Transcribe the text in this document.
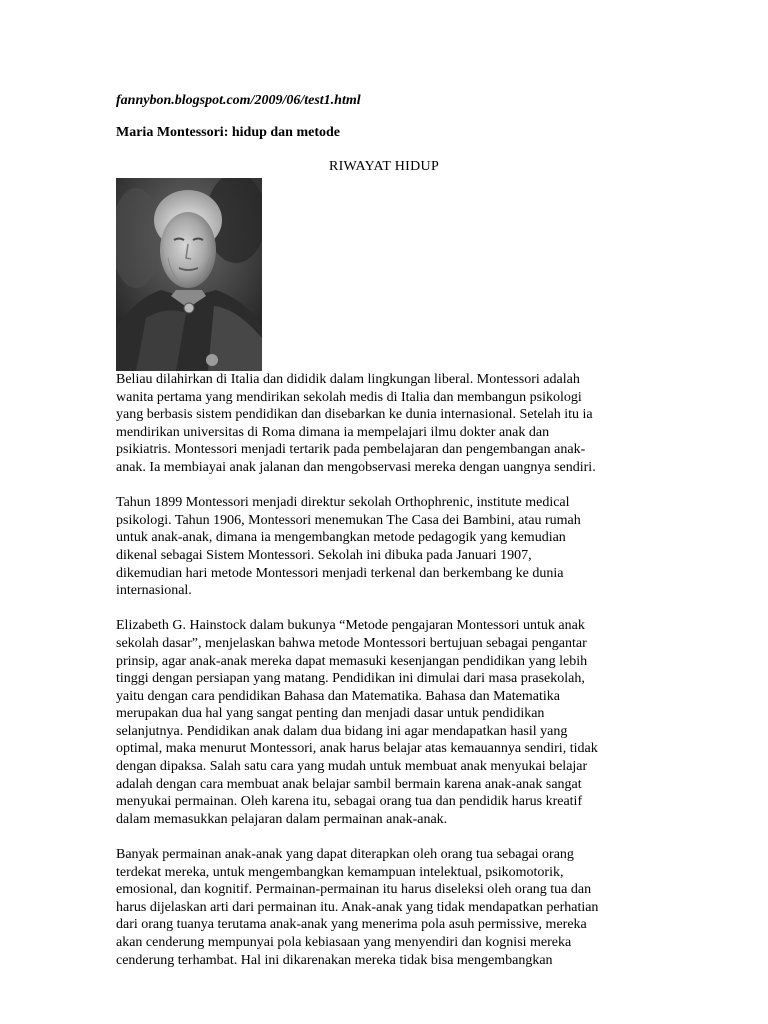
fannybon.blogspot.com/2009/06/test1.html
Maria Montessori: hidup dan metode
RIWAYAT HIDUP
Beliau dilahirkan di Italia dan dididik dalam lingkungan liberal. Montessori adalah
wanita pertama yang mendirikan sekolah medis di Italia dan membangun psikologi
yang berbasis sistem pendidikan dan disebarkan ke dunia internasional. Setelah itu ia
mendirikan universitas di Roma dimana ia mempelajari ilmu dokter anak dan
psikiatris. Montessori menjadi tertarik pada pembelajaran dan pengembangan anak-
anak. Ia membiayai anak jalanan dan mengobservasi mereka dengan uangnya sendiri.
Tahun 1899 Montessori menjadi direktur sekolah Orthophrenic, institute medical
psikologi. Tahun 1906, Montessori menemukan The Casa dei Bambini, atau rumah
untuk anak-anak, dimana ia mengembangkan metode pedagogik yang kemudian
dikenal sebagai Sistem Montessori. Sekolah ini dibuka pada Januari 1907,
dikemudian hari metode Montessori menjadi terkenal dan berkembang ke dunia
internasional.
Elizabeth G. Hainstock dalam bukunya “Metode pengajaran Montessori untuk anak
sekolah dasar”, menjelaskan bahwa metode Montessori bertujuan sebagai pengantar
prinsip, agar anak-anak mereka dapat memasuki kesenjangan pendidikan yang lebih
tinggi dengan persiapan yang matang. Pendidikan ini dimulai dari masa prasekolah,
yaitu dengan cara pendidikan Bahasa dan Matematika. Bahasa dan Matematika
merupakan dua hal yang sangat penting dan menjadi dasar untuk pendidikan
selanjutnya. Pendidikan anak dalam dua bidang ini agar mendapatkan hasil yang
optimal, maka menurut Montessori, anak harus belajar atas kemauannya sendiri, tidak
dengan dipaksa. Salah satu cara yang mudah untuk membuat anak menyukai belajar
adalah dengan cara membuat anak belajar sambil bermain karena anak-anak sangat
menyukai permainan. Oleh karena itu, sebagai orang tua dan pendidik harus kreatif
dalam memasukkan pelajaran dalam permainan anak-anak.
Banyak permainan anak-anak yang dapat diterapkan oleh orang tua sebagai orang
terdekat mereka, untuk mengembangkan kemampuan intelektual, psikomotorik,
emosional, dan kognitif. Permainan-permainan itu harus diseleksi oleh orang tua dan
harus dijelaskan arti dari permainan itu. Anak-anak yang tidak mendapatkan perhatian
dari orang tuanya terutama anak-anak yang menerima pola asuh permissive, mereka
akan cenderung mempunyai pola kebiasaan yang menyendiri dan kognisi mereka
cenderung terhambat. Hal ini dikarenakan mereka tidak bisa mengembangkan
